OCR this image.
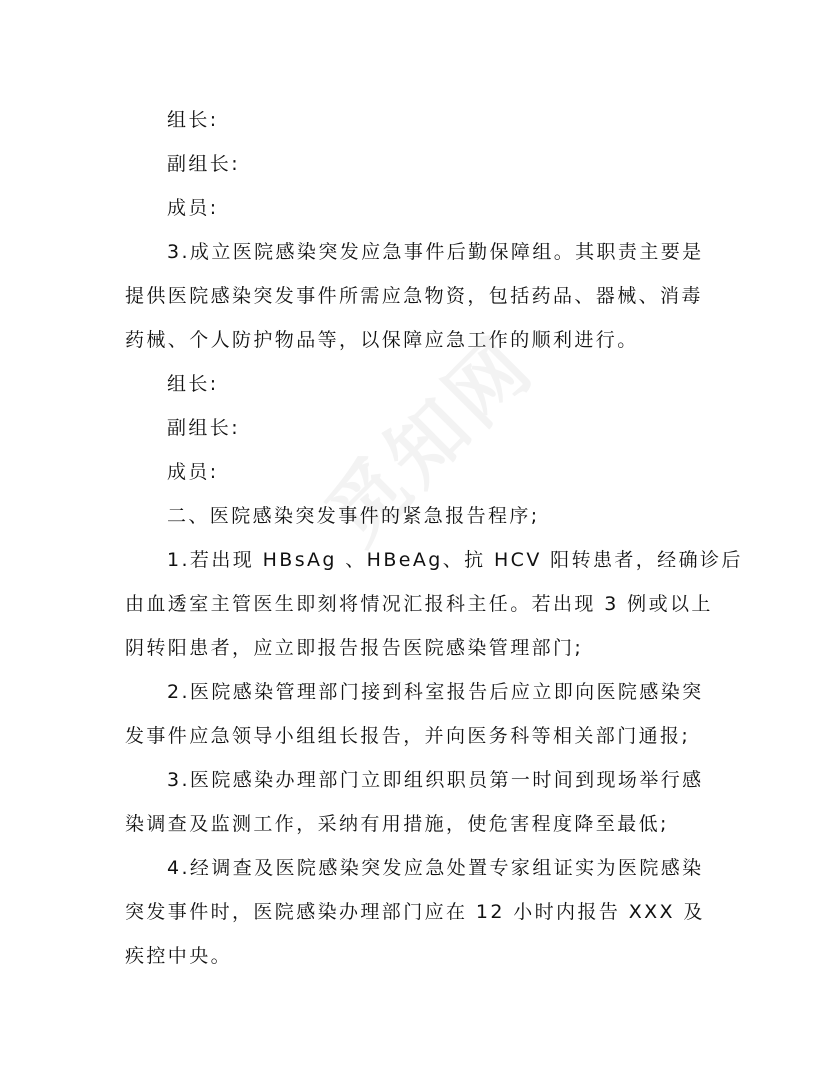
组长:
副组长:
成员:
3.成立医院感染突发应急事件后勤保障组。其职责主要是
提供医院感染突发事件所需应急物资，包括药品、器械、消毒
药械、个人防护物品等，以保障应急工作的顺利进行。
组长:
副组长:
成员:
二、医院感染突发事件的紧急报告程序;
1.若出现 HBsAg 、HBeAg、抗 HCV 阳转患者，经确诊后
由血透室主管医生即刻将情况汇报科主任。若出现 3 例或以上
阴转阳患者，应立即报告报告医院感染管理部门;
2.医院感染管理部门接到科室报告后应立即向医院感染突
发事件应急领导小组组长报告，并向医务科等相关部门通报;
3.医院感染办理部门立即组织职员第一时间到现场举行感
染调查及监测工作，采纳有用措施，使危害程度降至最低;
4.经调查及医院感染突发应急处置专家组证实为医院感染
突发事件时，医院感染办理部门应在 12 小时内报告 XXX 及
疾控中央。
